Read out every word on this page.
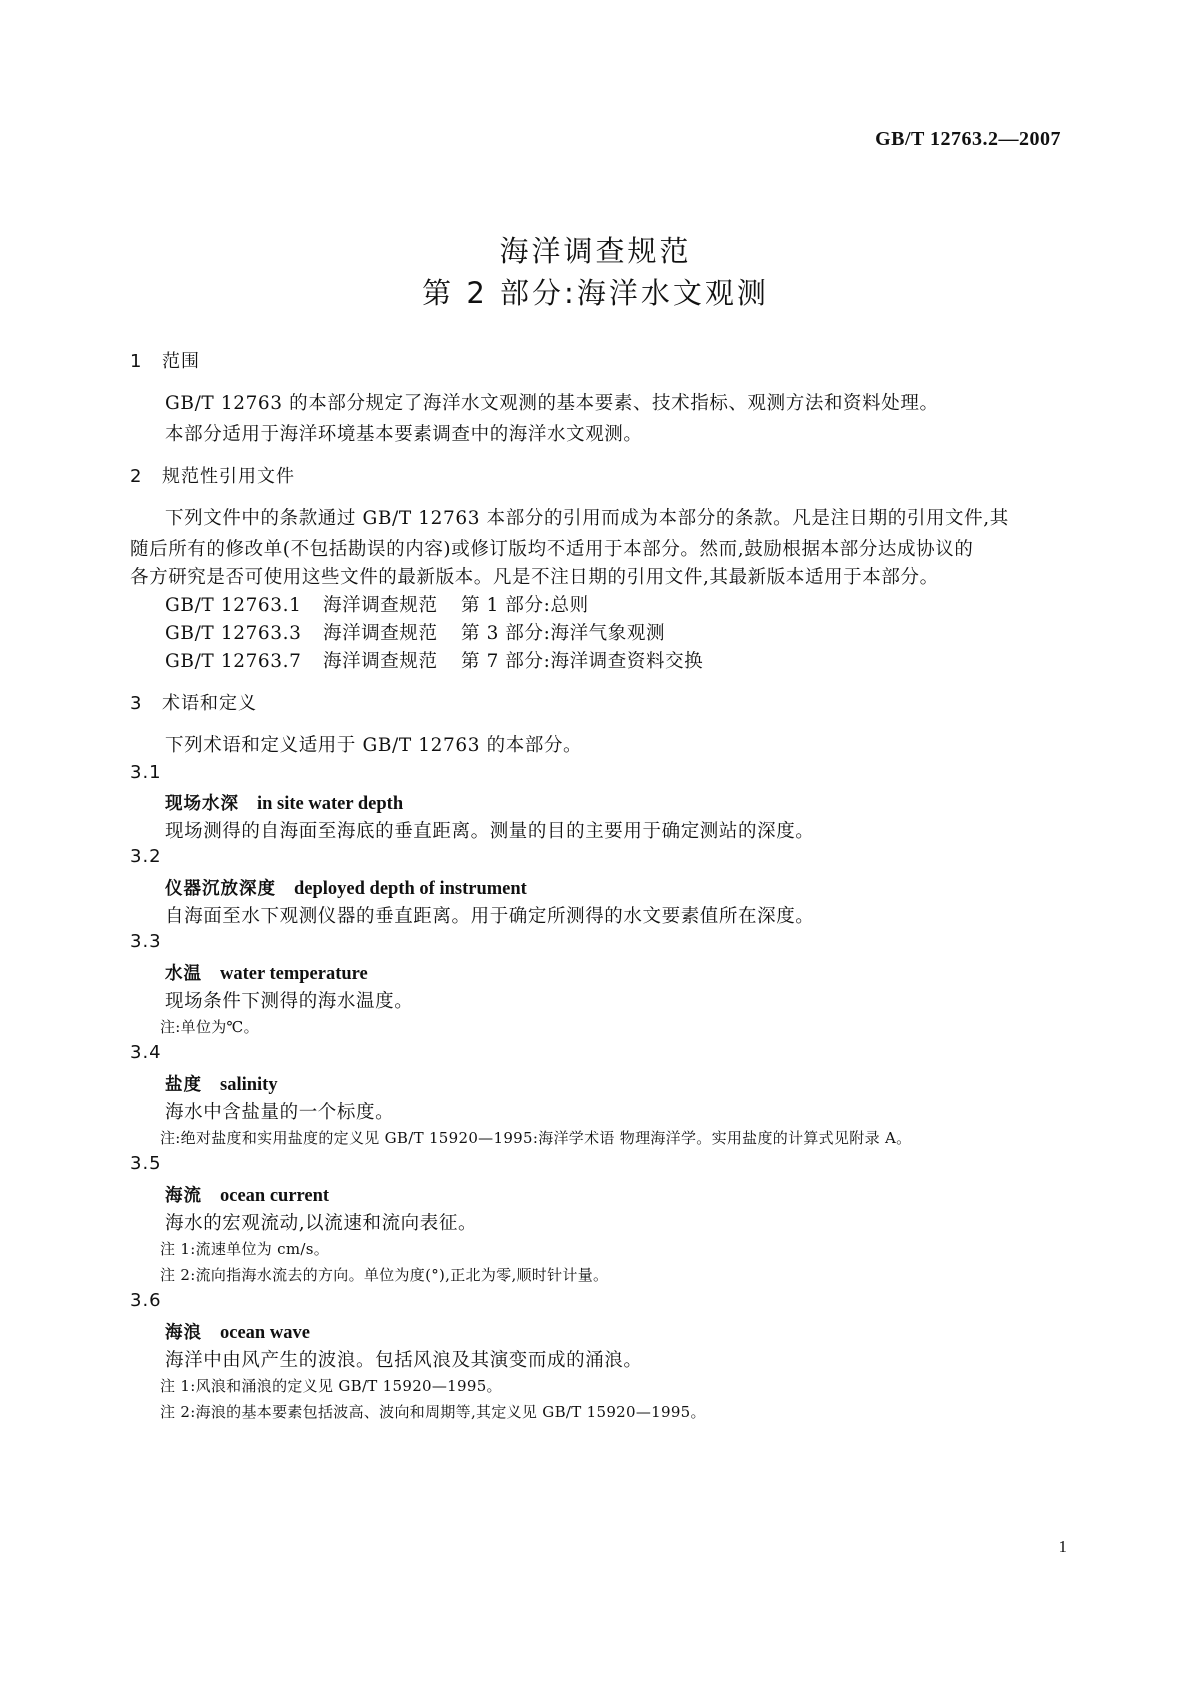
GB/T 12763.2—2007
海洋调查规范
第 2 部分:海洋水文观测
1 范围
GB/T 12763 的本部分规定了海洋水文观测的基本要素、技术指标、观测方法和资料处理。
本部分适用于海洋环境基本要素调查中的海洋水文观测。
2 规范性引用文件
下列文件中的条款通过 GB/T 12763 本部分的引用而成为本部分的条款。凡是注日期的引用文件,其
随后所有的修改单(不包括勘误的内容)或修订版均不适用于本部分。然而,鼓励根据本部分达成协议的
各方研究是否可使用这些文件的最新版本。凡是不注日期的引用文件,其最新版本适用于本部分。
GB/T 12763.1 海洋调查规范 第 1 部分:总则
GB/T 12763.3 海洋调查规范 第 3 部分:海洋气象观测
GB/T 12763.7 海洋调查规范 第 7 部分:海洋调查资料交换
3 术语和定义
下列术语和定义适用于 GB/T 12763 的本部分。
3.1
现场水深 in site water depth
现场测得的自海面至海底的垂直距离。测量的目的主要用于确定测站的深度。
3.2
仪器沉放深度 deployed depth of instrument
自海面至水下观测仪器的垂直距离。用于确定所测得的水文要素值所在深度。
3.3
水温 water temperature
现场条件下测得的海水温度。
注:单位为℃。
3.4
盐度 salinity
海水中含盐量的一个标度。
注:绝对盐度和实用盐度的定义见 GB/T 15920—1995:海洋学术语 物理海洋学。实用盐度的计算式见附录 A。
3.5
海流 ocean current
海水的宏观流动,以流速和流向表征。
注 1:流速单位为 cm/s。
注 2:流向指海水流去的方向。单位为度(°),正北为零,顺时针计量。
3.6
海浪 ocean wave
海洋中由风产生的波浪。包括风浪及其演变而成的涌浪。
注 1:风浪和涌浪的定义见 GB/T 15920—1995。
注 2:海浪的基本要素包括波高、波向和周期等,其定义见 GB/T 15920—1995。
1
